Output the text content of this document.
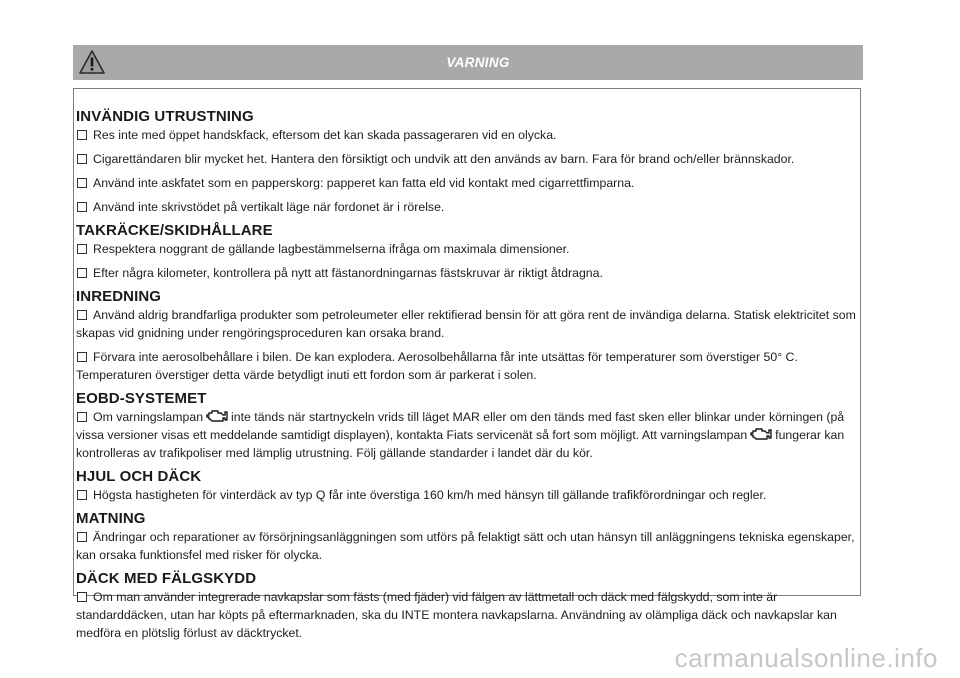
VARNING
INVÄNDIG UTRUSTNING
Res inte med öppet handskfack, eftersom det kan skada passageraren vid en olycka.
Cigarettändaren blir mycket het. Hantera den försiktigt och undvik att den används av barn. Fara för brand och/eller brännskador.
Använd inte askfatet som en papperskorg: papperet kan fatta eld vid kontakt med cigarrettfimparna.
Använd inte skrivstödet på vertikalt läge när fordonet är i rörelse.
TAKRÄCKE/SKIDHÅLLARE
Respektera noggrant de gällande lagbestämmelserna ifråga om maximala dimensioner.
Efter några kilometer, kontrollera på nytt att fästanordningarnas fästskruvar är riktigt åtdragna.
INREDNING
Använd aldrig brandfarliga produkter som petroleumeter eller rektifierad bensin för att göra rent de invändiga delarna. Statisk elektricitet som skapas vid gnidning under rengöringsproceduren kan orsaka brand.
Förvara inte aerosolbehållare i bilen. De kan explodera. Aerosolbehållarna får inte utsättas för temperaturer som överstiger 50° C. Temperaturen överstiger detta värde betydligt inuti ett fordon som är parkerat i solen.
EOBD-SYSTEMET
Om varningslampan inte tänds när startnyckeln vrids till läget MAR eller om den tänds med fast sken eller blinkar under körningen (på vissa versioner visas ett meddelande samtidigt displayen), kontakta Fiats servicenät så fort som möjligt. Att varningslampan fungerar kan kontrolleras av trafikpoliser med lämplig utrustning. Följ gällande standarder i landet där du kör.
HJUL OCH DÄCK
Högsta hastigheten för vinterdäck av typ Q får inte överstiga 160 km/h med hänsyn till gällande trafikförordningar och regler.
MATNING
Ändringar och reparationer av försörjningsanläggningen som utförs på felaktigt sätt och utan hänsyn till anläggningens tekniska egenskaper, kan orsaka funktionsfel med risker för olycka.
DÄCK MED FÄLGSKYDD
Om man använder integrerade navkapslar som fästs (med fjäder) vid fälgen av lättmetall och däck med fälgskydd, som inte är standarddäcken, utan har köpts på eftermarknaden, ska du INTE montera navkapslarna. Användning av olämpliga däck och navkapslar kan medföra en plötslig förlust av däcktrycket.
carmanualsonline.info
